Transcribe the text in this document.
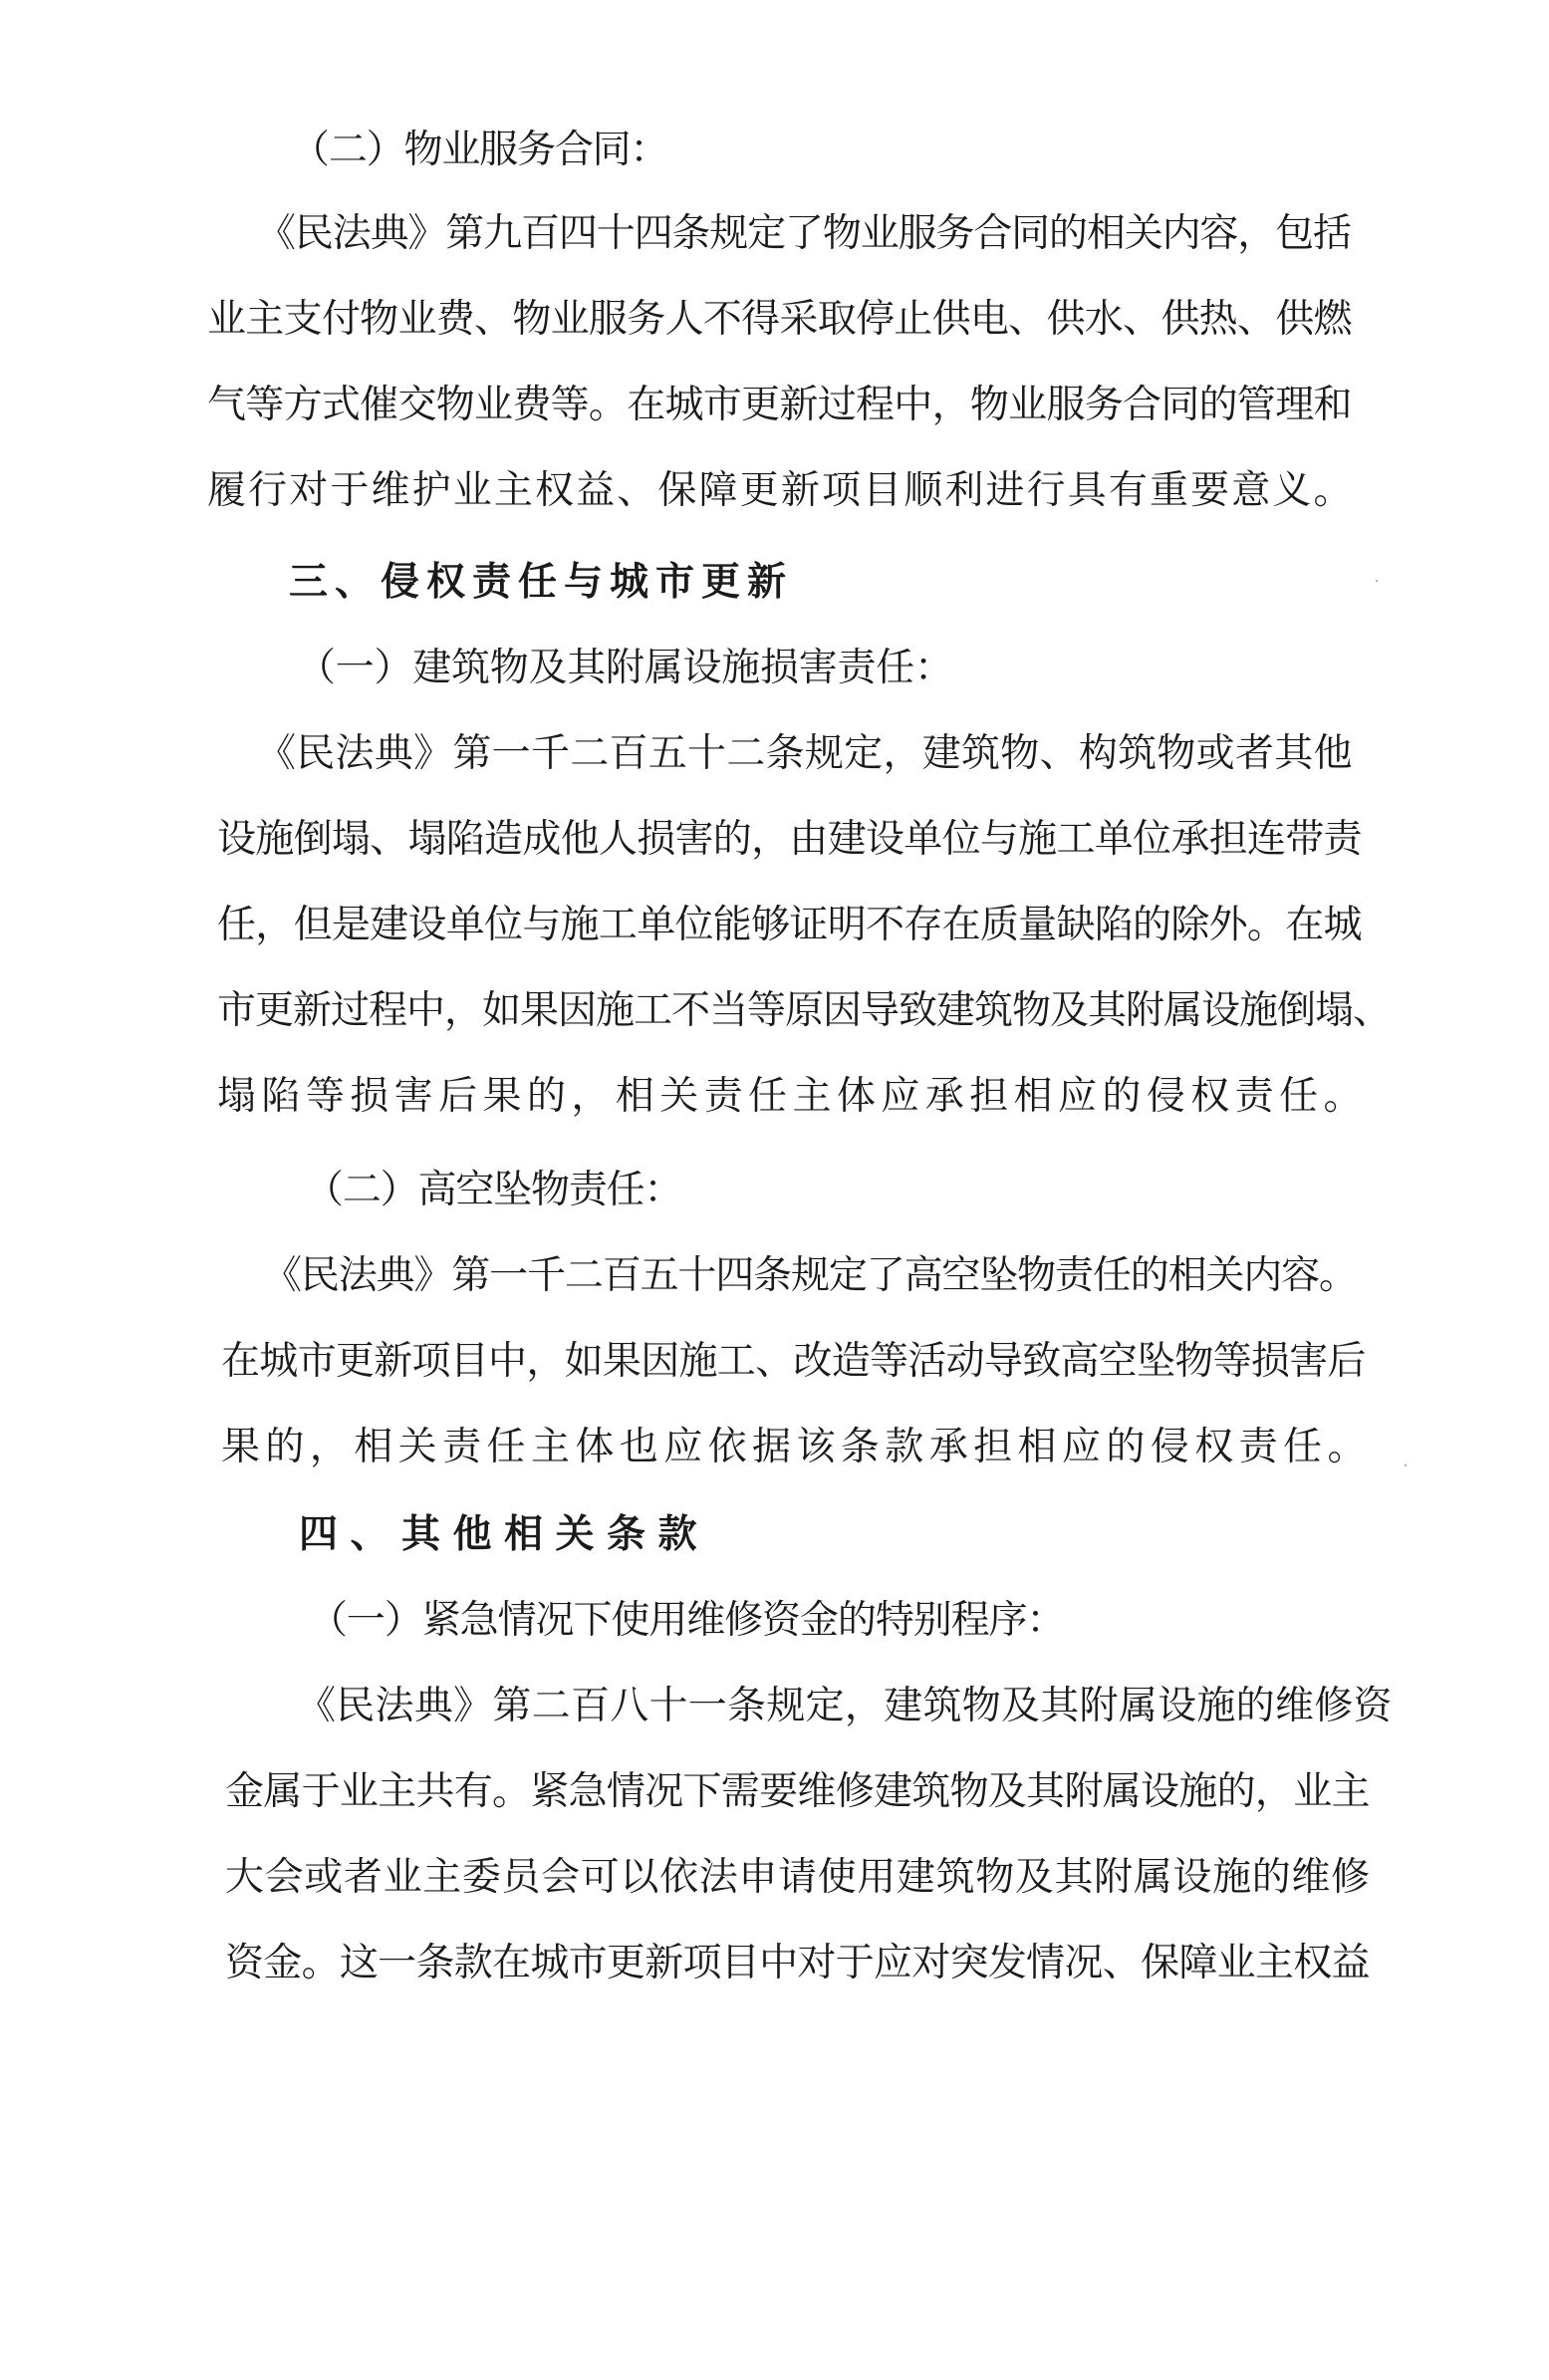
（二）物业服务合同：
《民法典》第九百四十四条规定了物业服务合同的相关内容，包括
业主支付物业费、物业服务人不得采取停止供电、供水、供热、供燃
气等方式催交物业费等。在城市更新过程中，物业服务合同的管理和
履行对于维护业主权益、保障更新项目顺利进行具有重要意义。
三、侵权责任与城市更新
（一）建筑物及其附属设施损害责任：
《民法典》第一千二百五十二条规定，建筑物、构筑物或者其他
设施倒塌、塌陷造成他人损害的，由建设单位与施工单位承担连带责
任，但是建设单位与施工单位能够证明不存在质量缺陷的除外。在城
市更新过程中，如果因施工不当等原因导致建筑物及其附属设施倒塌、
塌陷等损害后果的，相关责任主体应承担相应的侵权责任。
（二）高空坠物责任：
《民法典》第一千二百五十四条规定了高空坠物责任的相关内容。
在城市更新项目中，如果因施工、改造等活动导致高空坠物等损害后
果的，相关责任主体也应依据该条款承担相应的侵权责任。
四、其他相关条款
（一）紧急情况下使用维修资金的特别程序：
《民法典》第二百八十一条规定，建筑物及其附属设施的维修资
金属于业主共有。紧急情况下需要维修建筑物及其附属设施的，业主
大会或者业主委员会可以依法申请使用建筑物及其附属设施的维修
资金。这一条款在城市更新项目中对于应对突发情况、保障业主权益
